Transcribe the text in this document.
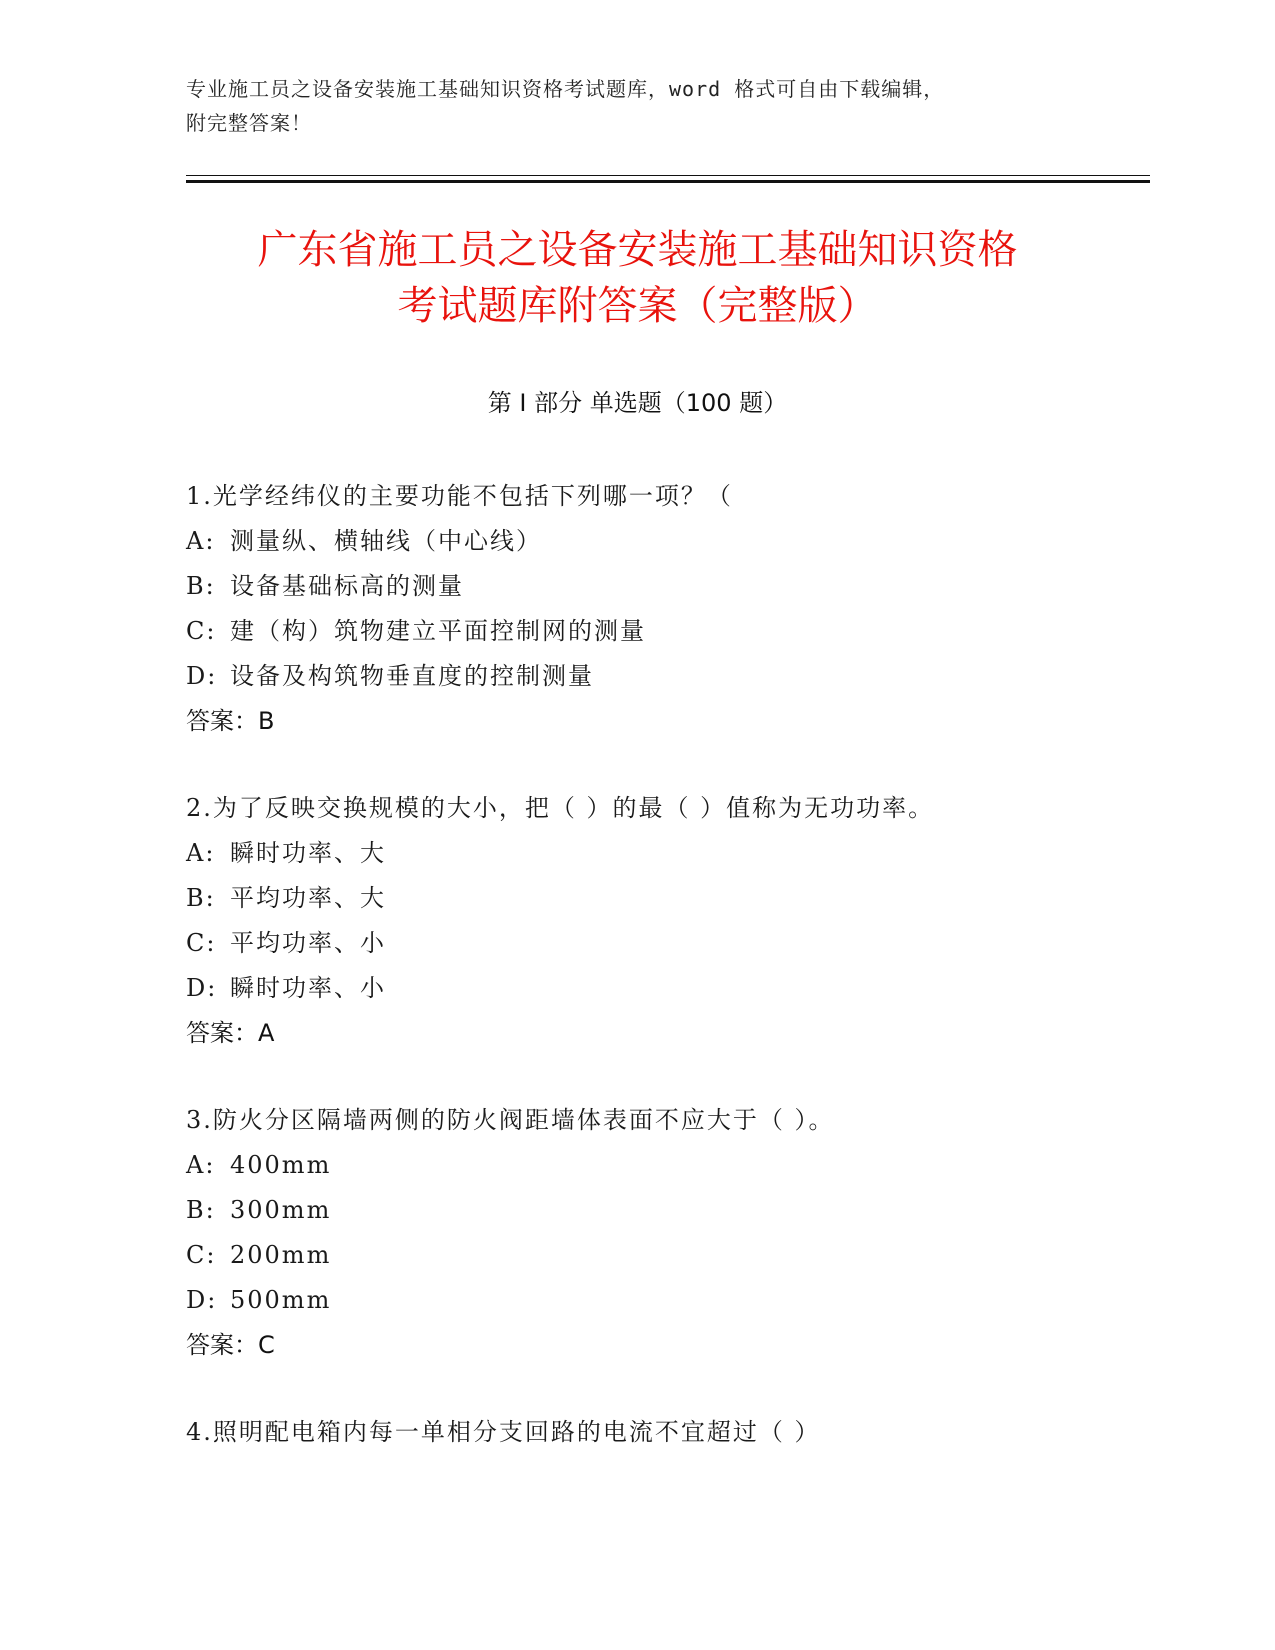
专业施工员之设备安装施工基础知识资格考试题库，word 格式可自由下载编辑，
附完整答案！
广东省施工员之设备安装施工基础知识资格
考试题库附答案（完整版）
第 I 部分 单选题（100 题）
1.光学经纬仪的主要功能不包括下列哪一项？（
A: 测量纵、横轴线（中心线）
B: 设备基础标高的测量
C: 建（构）筑物建立平面控制网的测量
D: 设备及构筑物垂直度的控制测量
答案：B
2.为了反映交换规模的大小，把（ ）的最（ ）值称为无功功率。
A: 瞬时功率、大
B: 平均功率、大
C: 平均功率、小
D: 瞬时功率、小
答案：A
3.防火分区隔墙两侧的防火阀距墙体表面不应大于（ ）。
A: 400mm
B: 300mm
C: 200mm
D: 500mm
答案：C
4.照明配电箱内每一单相分支回路的电流不宜超过（ ）
